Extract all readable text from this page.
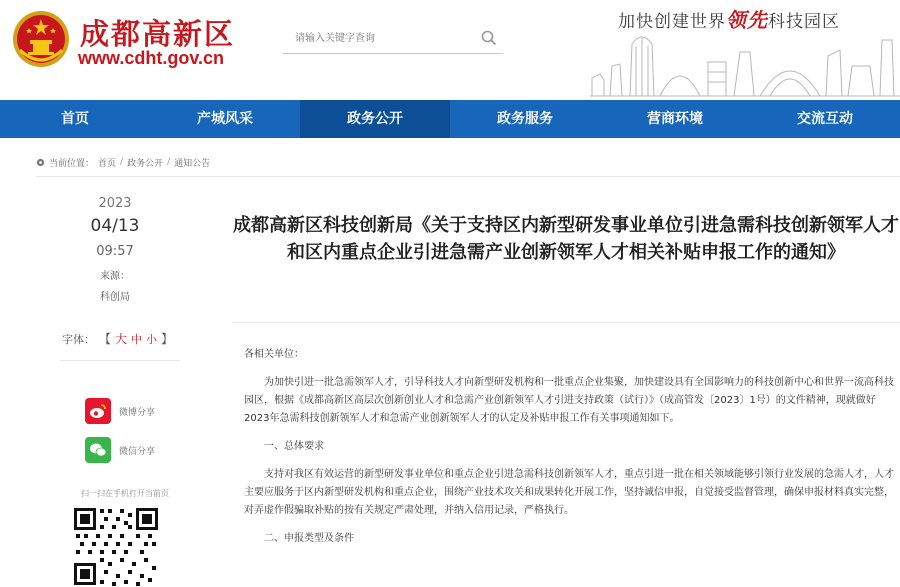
成都高新区
www.cdht.gov.cn
请输入关键字查询
加快创建世界领先科技园区
首页	产城风采	政务公开	政务服务	营商环境	交流互动
当前位置： 首页 / 政务公开 / 通知公告
2023
04/13
09:57
来源：
科创局
字体： 【 大 中 小 】
微博分享
微信分享
扫一扫在手机打开当前页
成都高新区科技创新局《关于支持区内新型研发事业单位引进急需科技创新领军人才和区内重点企业引进急需产业创新领军人才相关补贴申报工作的通知》

各相关单位：

为加快引进一批急需领军人才，引导科技人才向新型研发机构和一批重点企业集聚，加快建设具有全国影响力的科技创新中心和世界一流高科技园区，根据《成都高新区高层次创新创业人才和急需产业创新领军人才引进支持政策（试行）》（成高管发〔2023〕1号）的文件精神，现就做好2023年急需科技创新领军人才和急需产业创新领军人才的认定及补贴申报工作有关事项通知如下。

一、总体要求

支持对我区有效运营的新型研发事业单位和重点企业引进急需科技创新领军人才，重点引进一批在相关领域能够引领行业发展的急需人才，人才主要应服务于区内新型研发机构和重点企业，围绕产业技术攻关和成果转化开展工作，坚持诚信申报，自觉接受监督管理，确保申报材料真实完整，对弄虚作假骗取补贴的按有关规定严肃处理，并纳入信用记录，严格执行。

二、申报类型及条件
